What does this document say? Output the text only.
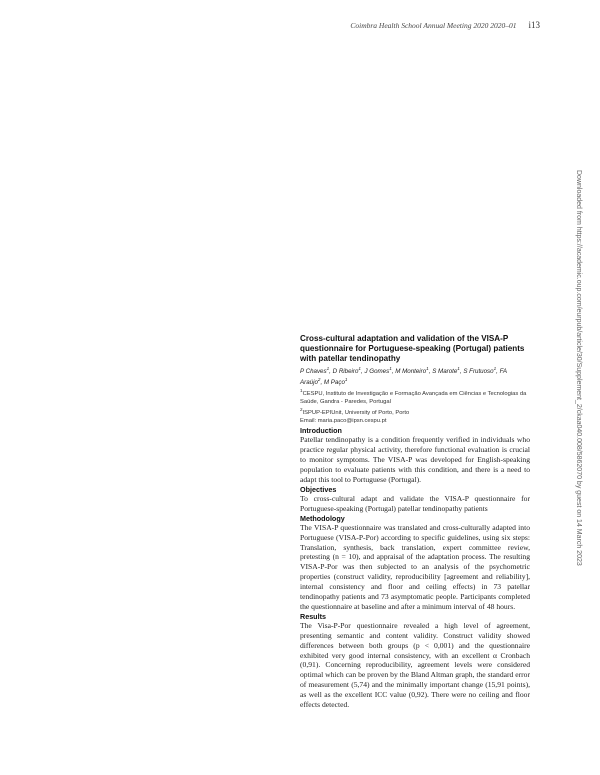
Coimbra Health School Annual Meeting 2020 2020–01 i13
Downloaded from https://academic.oup.com/eurpub/article/30/Supplement_2/ckaa040.008/5862070 by guest on 14 March 2023
Cross-cultural adaptation and validation of the VISA-P questionnaire for Portuguese-speaking (Portugal) patients with patellar tendinopathy
P Chaves$^1$, D Ribeiro$^1$, J Gomes$^1$, M Monteiro$^1$, S Marote$^1$, S Frutuoso$^1$, FA Araújo$^2$, M Paço$^1$
$^1$CESPU, Instituto de Investigação e Formação Avançada em Ciências e Tecnologias da Saúde, Gandra - Paredes, Portugal
$^2$ISPUP-EPIUnit, University of Porto, Porto
Email: maria.paco@ipsn.cespu.pt
Introduction

Patellar tendinopathy is a condition frequently verified in individuals who practice regular physical activity, therefore functional evaluation is crucial to monitor symptoms. The VISA-P was developed for English-speaking population to evaluate patients with this condition, and there is a need to adapt this tool to Portuguese (Portugal).

Objectives

To cross-cultural adapt and validate the VISA-P questionnaire for Portuguese-speaking (Portugal) patellar tendinopathy patients

Methodology

The VISA-P questionnaire was translated and cross-culturally adapted into Portuguese (VISA-P-Por) according to specific guidelines, using six steps: Translation, synthesis, back translation, expert committee review, pretesting (n = 10), and appraisal of the adaptation process. The resulting VISA-P-Por was then subjected to an analysis of the psychometric properties (construct validity, reproducibility [agreement and reliability], internal consistency and floor and ceiling effects) in 73 patellar tendinopathy patients and 73 asymptomatic people. Participants completed the questionnaire at baseline and after a minimum interval of 48 hours.

Results

The Visa-P-Por questionnaire revealed a high level of agreement, presenting semantic and content validity. Construct validity showed differences between both groups (p < 0,001) and the questionnaire exhibited very good internal consistency, with an excellent α Cronbach (0,91). Concerning reproducibility, agreement levels were considered optimal which can be proven by the Bland Altman graph, the standard error of measurement (5,74) and the minimally important change (15,91 points), as well as the excellent ICC value (0,92). There were no ceiling and floor effects detected.
